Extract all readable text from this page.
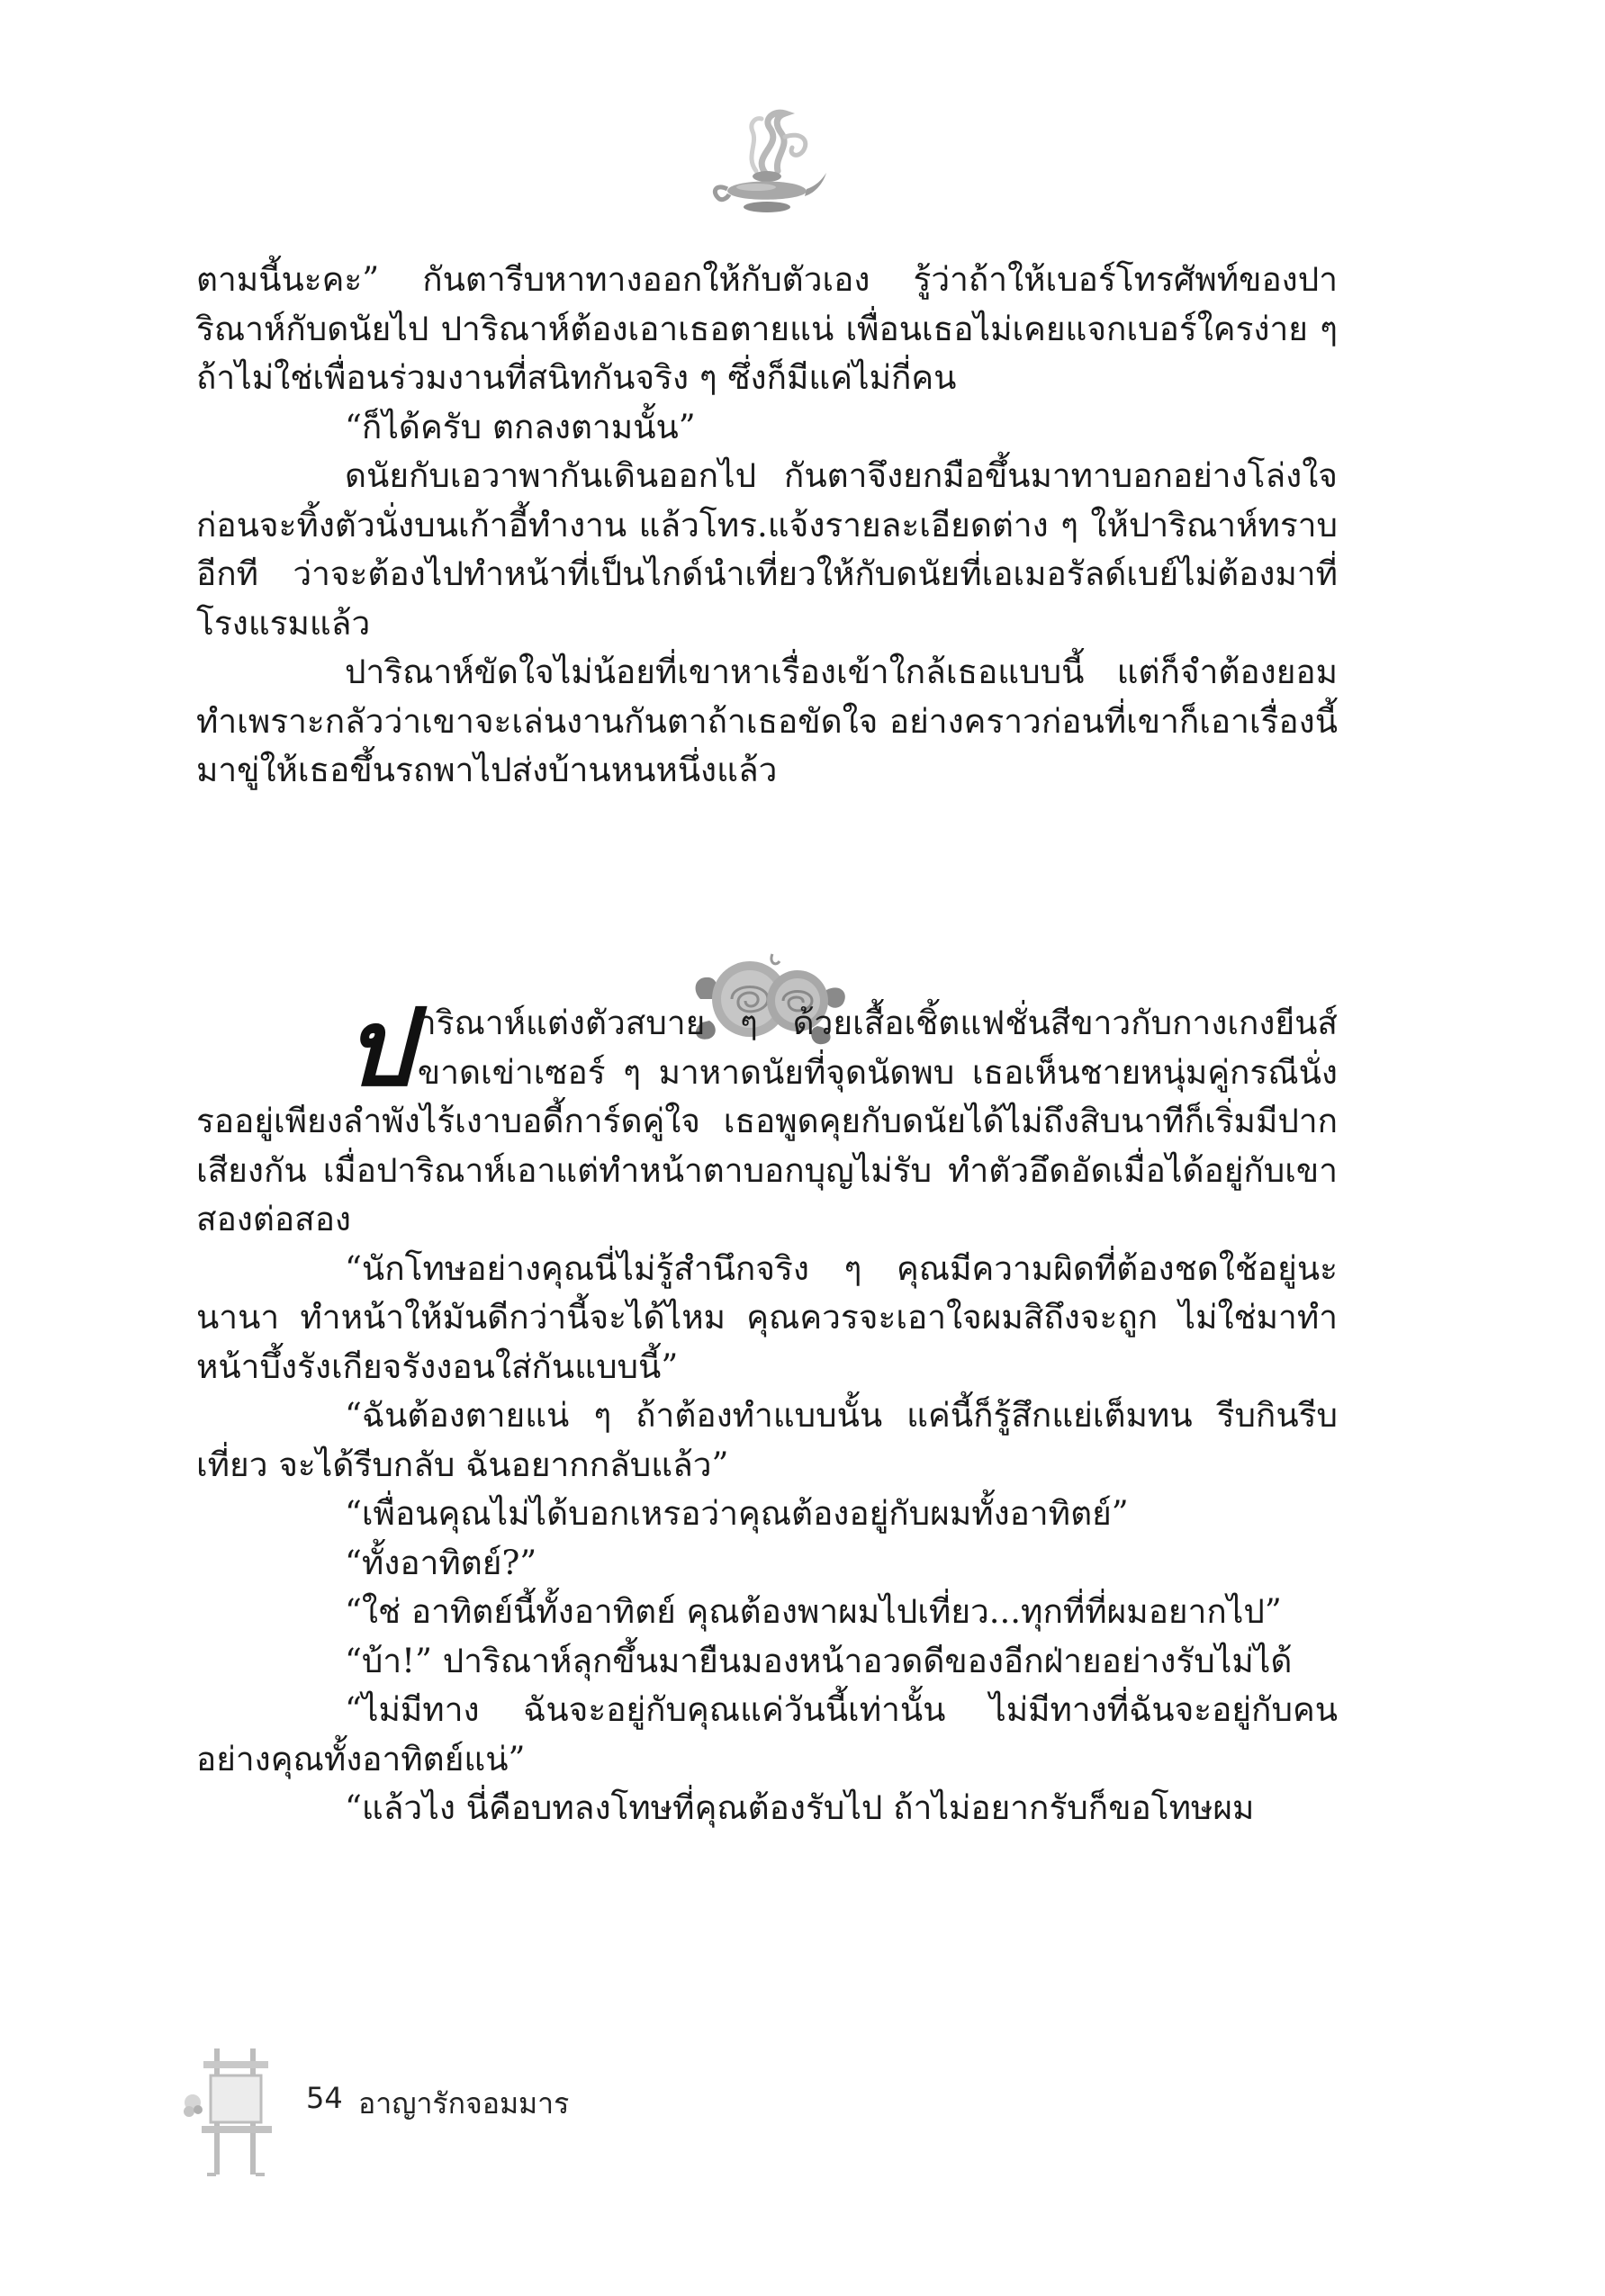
ตามนี้นะคะ” กันตารีบหาทางออกให้กับตัวเอง รู้ว่าถ้าให้เบอร์โทรศัพท์ของปาริณาห์กับดนัยไป ปาริณาห์ต้องเอาเธอตายแน่ เพื่อนเธอไม่เคยแจกเบอร์ใครง่าย ๆ ถ้าไม่ใช่เพื่อนร่วมงานที่สนิทกันจริง ๆ ซึ่งก็มีแค่ไม่กี่คน

“ก็ได้ครับ ตกลงตามนั้น”

ดนัยกับเอวาพากันเดินออกไป กันตาจึงยกมือขึ้นมาทาบอกอย่างโล่งใจก่อนจะทิ้งตัวนั่งบนเก้าอี้ทำงาน แล้วโทร.แจ้งรายละเอียดต่าง ๆ ให้ปาริณาห์ทราบอีกที ว่าจะต้องไปทำหน้าที่เป็นไกด์นำเที่ยวให้กับดนัยที่เอเมอรัลด์เบย์ไม่ต้องมาที่โรงแรมแล้ว

ปาริณาห์ขัดใจไม่น้อยที่เขาหาเรื่องเข้าใกล้เธอแบบนี้ แต่ก็จำต้องยอมทำเพราะกลัวว่าเขาจะเล่นงานกันตาถ้าเธอขัดใจ อย่างคราวก่อนที่เขาก็เอาเรื่องนี้มาขู่ให้เธอขึ้นรถพาไปส่งบ้านหนหนึ่งแล้ว

ปาริณาห์แต่งตัวสบาย ๆ ด้วยเสื้อเชิ้ตแฟชั่นสีขาวกับกางเกงยีนส์ขาดเข่าเซอร์ ๆ มาหาดนัยที่จุดนัดพบ เธอเห็นชายหนุ่มคู่กรณีนั่งรออยู่เพียงลำพังไร้เงาบอดี้การ์ดคู่ใจ เธอพูดคุยกับดนัยได้ไม่ถึงสิบนาทีก็เริ่มมีปากเสียงกัน เมื่อปาริณาห์เอาแต่ทำหน้าตาบอกบุญไม่รับ ทำตัวอึดอัดเมื่อได้อยู่กับเขาสองต่อสอง

“นักโทษอย่างคุณนี่ไม่รู้สำนึกจริง ๆ คุณมีความผิดที่ต้องชดใช้อยู่นะนานา ทำหน้าให้มันดีกว่านี้จะได้ไหม คุณควรจะเอาใจผมสิถึงจะถูก ไม่ใช่มาทำหน้าบึ้งรังเกียจรังงอนใส่กันแบบนี้”

“ฉันต้องตายแน่ ๆ ถ้าต้องทำแบบนั้น แค่นี้ก็รู้สึกแย่เต็มทน รีบกินรีบเที่ยว จะได้รีบกลับ ฉันอยากกลับแล้ว”

“เพื่อนคุณไม่ได้บอกเหรอว่าคุณต้องอยู่กับผมทั้งอาทิตย์”

“ทั้งอาทิตย์?”

“ใช่ อาทิตย์นี้ทั้งอาทิตย์ คุณต้องพาผมไปเที่ยว...ทุกที่ที่ผมอยากไป”

“บ้า!” ปาริณาห์ลุกขึ้นมายืนมองหน้าอวดดีของอีกฝ่ายอย่างรับไม่ได้

“ไม่มีทาง ฉันจะอยู่กับคุณแค่วันนี้เท่านั้น ไม่มีทางที่ฉันจะอยู่กับคนอย่างคุณทั้งอาทิตย์แน่”

“แล้วไง นี่คือบทลงโทษที่คุณต้องรับไป ถ้าไม่อยากรับก็ขอโทษผม

54 อาญารักจอมมาร
